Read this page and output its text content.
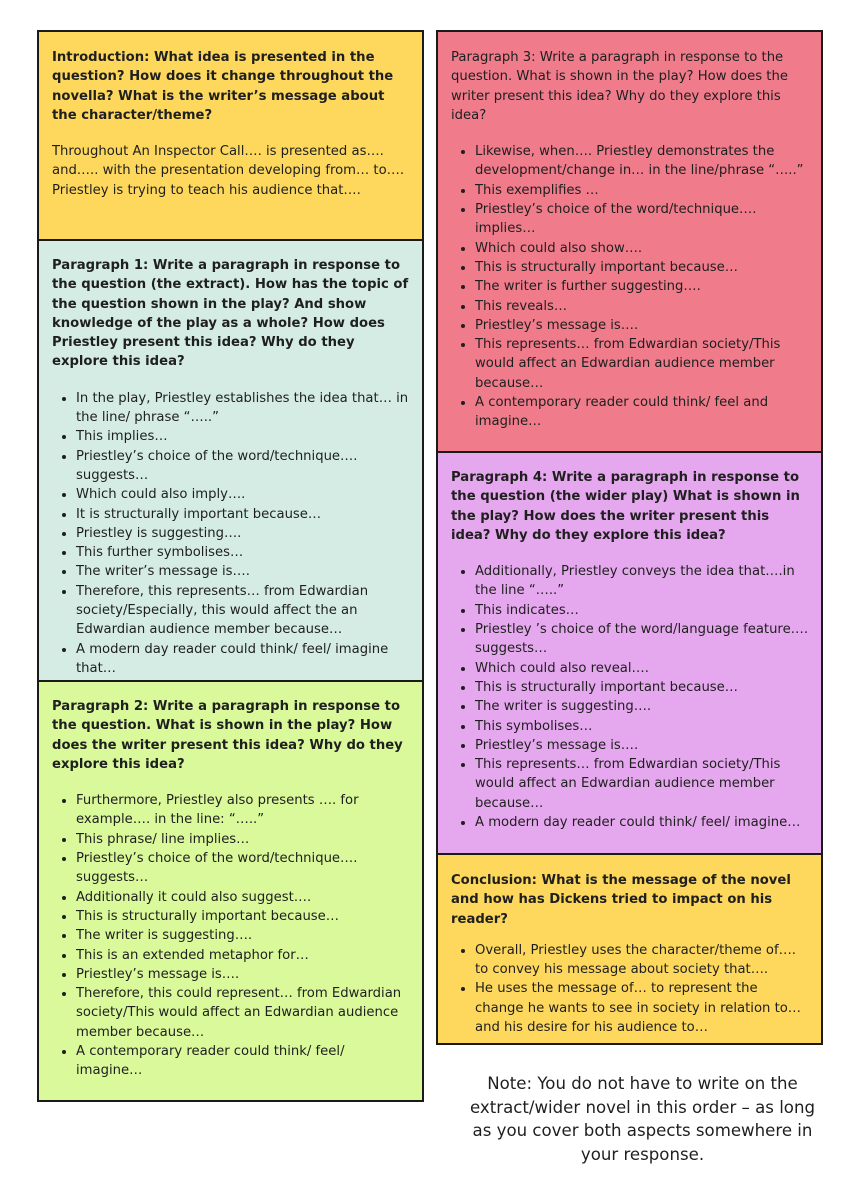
Introduction: What idea is presented in the question? How does it change throughout the novella? What is the writer’s message about the character/theme?

Throughout An Inspector Call…. is presented as…. and….. with the presentation developing from… to…. Priestley is trying to teach his audience that….

Paragraph 1: Write a paragraph in response to the question (the extract). How has the topic of the question shown in the play? And show knowledge of the play as a whole? How does Priestley present this idea? Why do they explore this idea?

• In the play, Priestley establishes the idea that… in the line/ phrase “…..”
• This implies…
• Priestley’s choice of the word/technique…. suggests…
• Which could also imply….
• It is structurally important because…
• Priestley is suggesting….
• This further symbolises…
• The writer’s message is….
• Therefore, this represents… from Edwardian society/Especially, this would affect the an Edwardian audience member because…
• A modern day reader could think/ feel/ imagine that…

Paragraph 2: Write a paragraph in response to the question. What is shown in the play? How does the writer present this idea? Why do they explore this idea?

• Furthermore, Priestley also presents …. for example…. in the line: “…..”
• This phrase/ line implies…
• Priestley’s choice of the word/technique…. suggests…
• Additionally it could also suggest….
• This is structurally important because…
• The writer is suggesting….
• This is an extended metaphor for…
• Priestley’s message is….
• Therefore, this could represent… from Edwardian society/This would affect an Edwardian audience member because…
• A contemporary reader could think/ feel/ imagine…

Paragraph 3: Write a paragraph in response to the question. What is shown in the play? How does the writer present this idea? Why do they explore this idea?

• Likewise, when…. Priestley demonstrates the development/change in… in the line/phrase “…..”
• This exemplifies …
• Priestley’s choice of the word/technique…. implies…
• Which could also show….
• This is structurally important because…
• The writer is further suggesting….
• This reveals…
• Priestley’s message is….
• This represents… from Edwardian society/This would affect an Edwardian audience member because…
• A contemporary reader could think/ feel and imagine…

Paragraph 4: Write a paragraph in response to the question (the wider play) What is shown in the play? How does the writer present this idea? Why do they explore this idea?

• Additionally, Priestley conveys the idea that….in the line “…..”
• This indicates…
• Priestley ’s choice of the word/language feature…. suggests…
• Which could also reveal….
• This is structurally important because…
• The writer is suggesting….
• This symbolises…
• Priestley’s message is….
• This represents… from Edwardian society/This would affect an Edwardian audience member because…
• A modern day reader could think/ feel/ imagine…

Conclusion: What is the message of the novel and how has Dickens tried to impact on his reader?

• Overall, Priestley uses the character/theme of…. to convey his message about society that….
• He uses the message of… to represent the change he wants to see in society in relation to… and his desire for his audience to…
Note: You do not have to write on the extract/wider novel in this order – as long as you cover both aspects somewhere in your response.
